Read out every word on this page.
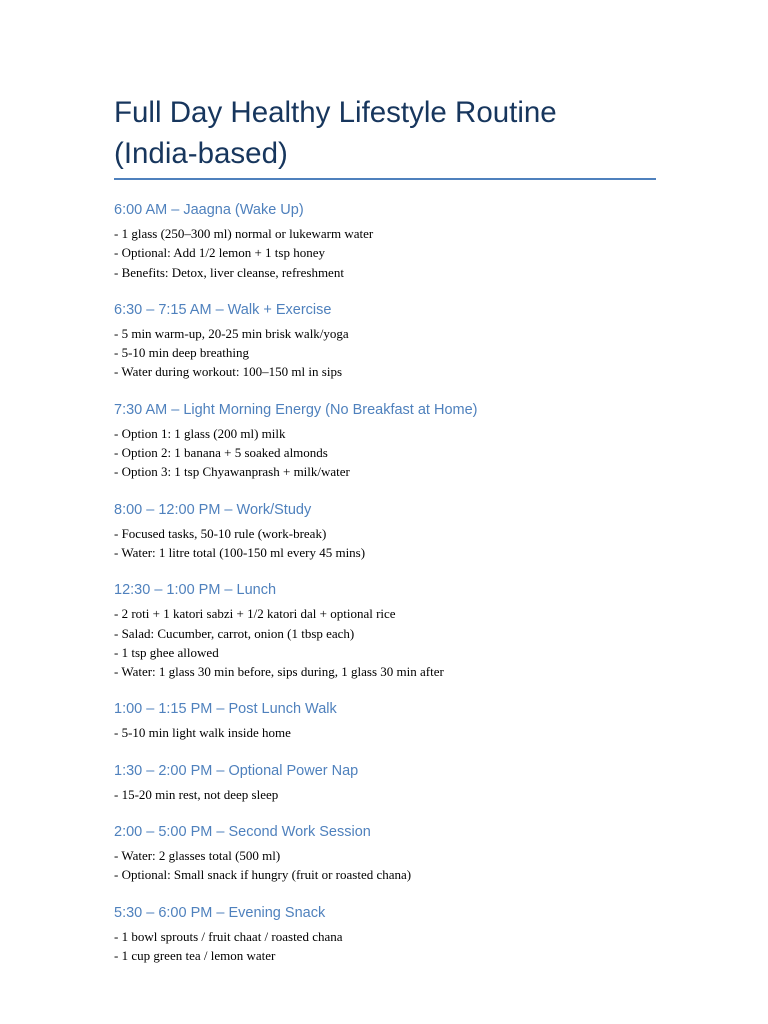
Full Day Healthy Lifestyle Routine
(India-based)
6:00 AM – Jaagna (Wake Up)
- 1 glass (250–300 ml) normal or lukewarm water
- Optional: Add 1/2 lemon + 1 tsp honey
- Benefits: Detox, liver cleanse, refreshment
6:30 – 7:15 AM – Walk + Exercise
- 5 min warm-up, 20-25 min brisk walk/yoga
- 5-10 min deep breathing
- Water during workout: 100–150 ml in sips
7:30 AM – Light Morning Energy (No Breakfast at Home)
- Option 1: 1 glass (200 ml) milk
- Option 2: 1 banana + 5 soaked almonds
- Option 3: 1 tsp Chyawanprash + milk/water
8:00 – 12:00 PM – Work/Study
- Focused tasks, 50-10 rule (work-break)
- Water: 1 litre total (100-150 ml every 45 mins)
12:30 – 1:00 PM – Lunch
- 2 roti + 1 katori sabzi + 1/2 katori dal + optional rice
- Salad: Cucumber, carrot, onion (1 tbsp each)
- 1 tsp ghee allowed
- Water: 1 glass 30 min before, sips during, 1 glass 30 min after
1:00 – 1:15 PM – Post Lunch Walk
- 5-10 min light walk inside home
1:30 – 2:00 PM – Optional Power Nap
- 15-20 min rest, not deep sleep
2:00 – 5:00 PM – Second Work Session
- Water: 2 glasses total (500 ml)
- Optional: Small snack if hungry (fruit or roasted chana)
5:30 – 6:00 PM – Evening Snack
- 1 bowl sprouts / fruit chaat / roasted chana
- 1 cup green tea / lemon water
